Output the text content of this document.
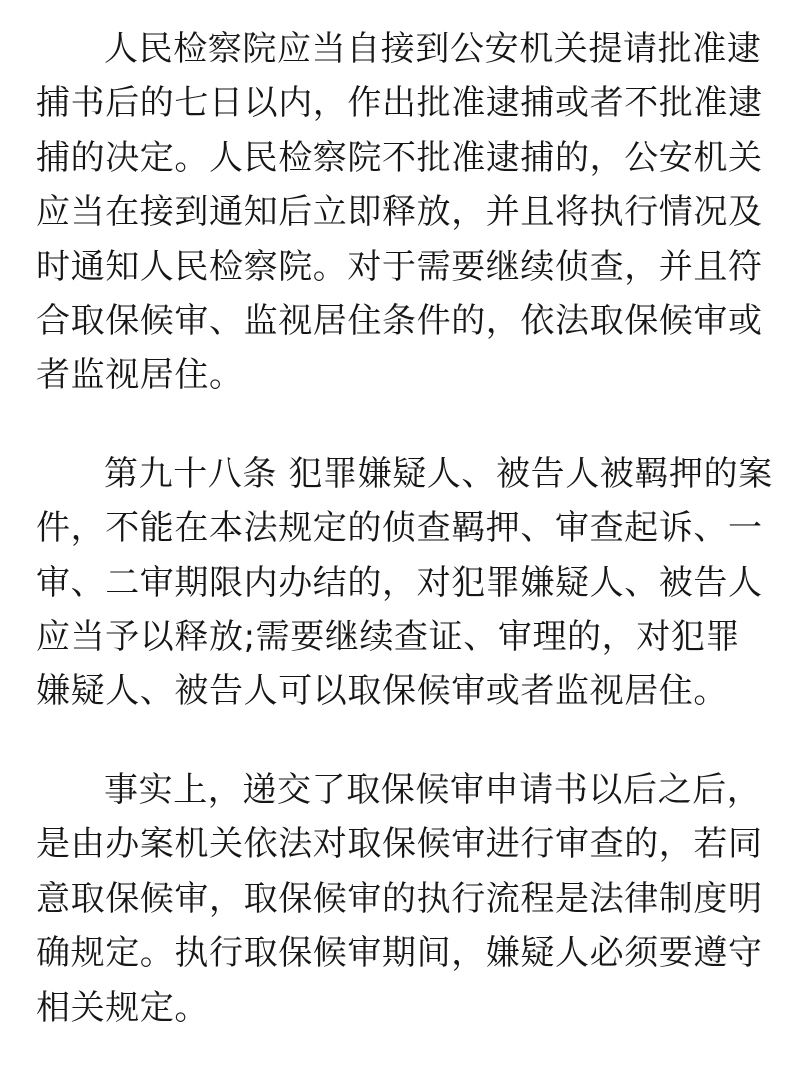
人民检察院应当自接到公安机关提请批准逮捕书后的七日以内，作出批准逮捕或者不批准逮捕的决定。人民检察院不批准逮捕的，公安机关应当在接到通知后立即释放，并且将执行情况及时通知人民检察院。对于需要继续侦查，并且符合取保候审、监视居住条件的，依法取保候审或者监视居住。

第九十八条 犯罪嫌疑人、被告人被羁押的案件，不能在本法规定的侦查羁押、审查起诉、一审、二审期限内办结的，对犯罪嫌疑人、被告人应当予以释放;需要继续查证、审理的，对犯罪嫌疑人、被告人可以取保候审或者监视居住。

事实上，递交了取保候审申请书以后之后，是由办案机关依法对取保候审进行审查的，若同意取保候审，取保候审的执行流程是法律制度明确规定。执行取保候审期间，嫌疑人必须要遵守相关规定。
